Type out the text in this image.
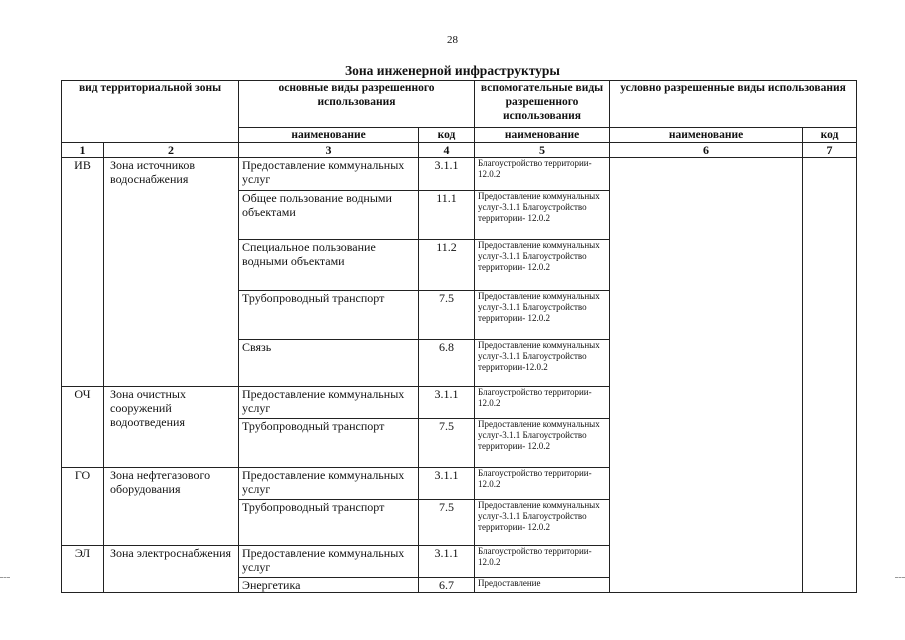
28
Зона инженерной инфраструктуры
вид территориальной зоны		основные виды разрешенного использования		вспомогательные виды разрешенного использования	условно разрешенные виды использования	
		наименование	код	наименование	наименование	код
1	2	3	4	5	6	7
ИВ	Зона источников водоснабжения	Предоставление коммунальных услуг	3.1.1	Благоустройство территории- 12.0.2		
		Общее пользование водными объектами	11.1	Предоставление коммунальных услуг-3.1.1 Благоустройство территории- 12.0.2		
		Специальное пользование водными объектами	11.2	Предоставление коммунальных услуг-3.1.1 Благоустройство территории- 12.0.2		
		Трубопроводный транспорт	7.5	Предоставление коммунальных услуг-3.1.1 Благоустройство территории- 12.0.2		
		Связь	6.8	Предоставление коммунальных услуг-3.1.1 Благоустройство территории-12.0.2		
ОЧ	Зона очистных сооружений водоотведения	Предоставление коммунальных услуг	3.1.1	Благоустройство территории- 12.0.2		
		Трубопроводный транспорт	7.5	Предоставление коммунальных услуг-3.1.1 Благоустройство территории- 12.0.2		
ГО	Зона нефтегазового оборудования	Предоставление коммунальных услуг	3.1.1	Благоустройство территории- 12.0.2		
		Трубопроводный транспорт	7.5	Предоставление коммунальных услуг-3.1.1 Благоустройство территории- 12.0.2		
ЭЛ	Зона электроснабжения	Предоставление коммунальных услуг	3.1.1	Благоустройство территории- 12.0.2		
		Энергетика	6.7	Предоставление		
